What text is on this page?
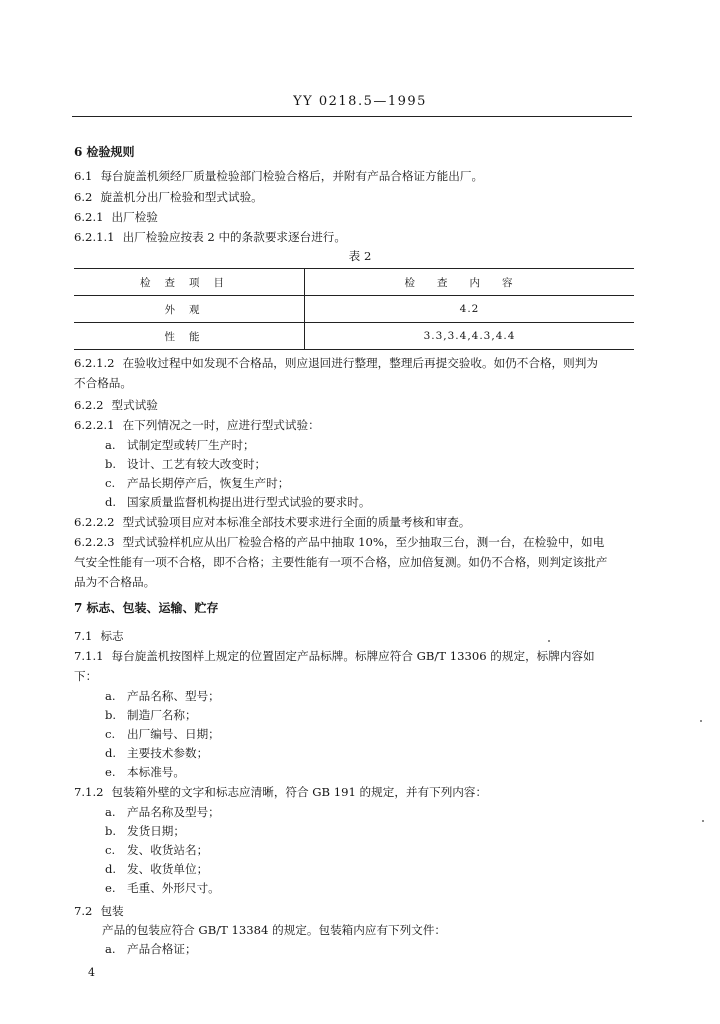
YY 0218.5—1995
6 检验规则
6.1 每台旋盖机须经厂质量检验部门检验合格后，并附有产品合格证方能出厂。
6.2 旋盖机分出厂检验和型式试验。
6.2.1 出厂检验
6.2.1.1 出厂检验应按表 2 中的条款要求逐台进行。
表 2
检查项目	检查内容
外观	4.2
性能	3.3,3.4,4.3,4.4
6.2.1.2 在验收过程中如发现不合格品，则应退回进行整理，整理后再提交验收。如仍不合格，则判为
不合格品。
6.2.2 型式试验
6.2.2.1 在下列情况之一时，应进行型式试验：
a. 试制定型或转厂生产时；
b. 设计、工艺有较大改变时；
c. 产品长期停产后，恢复生产时；
d. 国家质量监督机构提出进行型式试验的要求时。
6.2.2.2 型式试验项目应对本标准全部技术要求进行全面的质量考核和审查。
6.2.2.3 型式试验样机应从出厂检验合格的产品中抽取 10%，至少抽取三台，测一台，在检验中，如电
气安全性能有一项不合格，即不合格；主要性能有一项不合格，应加倍复测。如仍不合格，则判定该批产
品为不合格品。
7 标志、包装、运输、贮存
7.1 标志
7.1.1 每台旋盖机按图样上规定的位置固定产品标牌。标牌应符合 GB/T 13306 的规定，标牌内容如
下：
a. 产品名称、型号；
b. 制造厂名称；
c. 出厂编号、日期；
d. 主要技术参数；
e. 本标准号。
7.1.2 包装箱外壁的文字和标志应清晰，符合 GB 191 的规定，并有下列内容：
a. 产品名称及型号；
b. 发货日期；
c. 发、收货站名；
d. 发、收货单位；
e. 毛重、外形尺寸。
7.2 包装
产品的包装应符合 GB/T 13384 的规定。包装箱内应有下列文件：
a. 产品合格证；
4
